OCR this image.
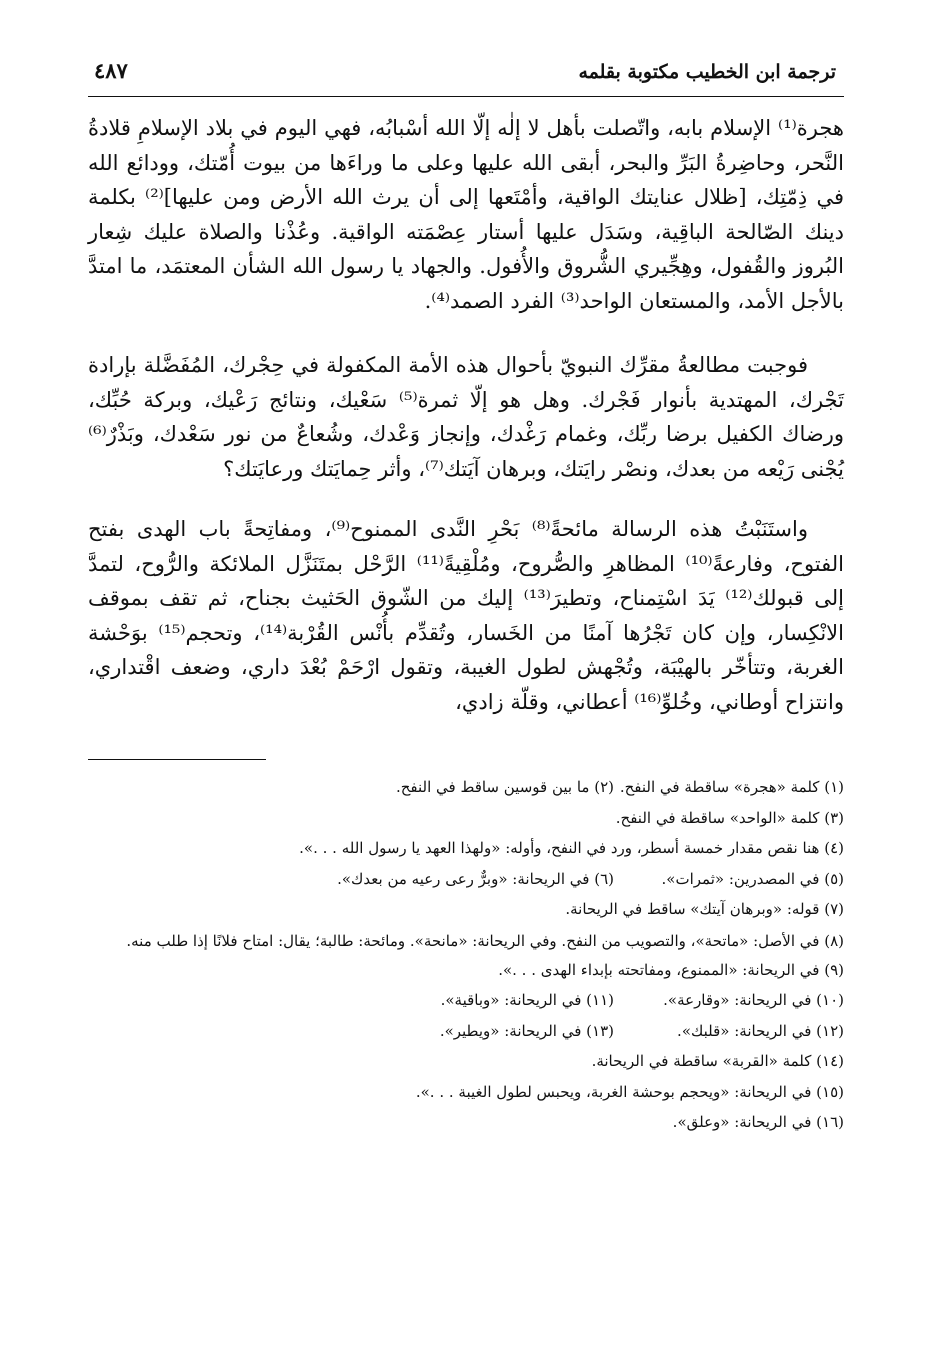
ترجمة ابن الخطيب مكتوبة بقلمه
٤٨٧

هجرة⁽¹⁾ الإسلام بابه، واتّصلت بأهل لا إلٰه إلّا الله أسْبابُه، فهي اليوم في بلاد الإسلامِ قلادةُ النَّحر، وحاضِرةُ البَرِّ والبحر، أبقى الله عليها وعلى ما وراءَها من بيوت أُمّتك، وودائع الله في ذِمّتِك، [ظلال عنايتك الواقية، وأمْتَعها إلى أن يرث الله الأرض ومن عليها]⁽²⁾ بكلمة دينك الصّالحة الباقِية، وسَدَل عليها أستار عِصْمَته الواقية. وعُذْنا والصلاة عليك شِعار البُروز والقُفول، وهِجِّيري الشُّروق والأُفول. والجهاد يا رسول الله الشأن المعتمَد، ما امتدَّ بالأجل الأمد، والمستعان الواحد⁽³⁾ الفرد الصمد⁽⁴⁾.

فوجبت مطالعةُ مقرِّك النبويّ بأحوال هذه الأمة المكفولة في حِجْرك، المُفَضَّلة بإرادة تَجْرك، المهتدية بأنوار فَجْرك. وهل هو إلّا ثمرة⁽⁵⁾ سَعْيك، ونتائج رَعْيك، وبركة حُبِّك، ورضاك الكفيل برضا ربِّك، وغمام رَغْدك، وإنجاز وَعْدك، وشُعاعٌ من نور سَعْدك، وبَذْرٌ⁽⁶⁾ يُجْنى رَيْعه من بعدك، ونصْر رايَتك، وبرهان آيَتك⁽⁷⁾، وأثر حِمايَتك ورعايَتك؟

واستَنَبْتُ هذه الرسالة مائحةً⁽⁸⁾ بَحْرِ النَّدى الممنوح⁽⁹⁾، ومفاتِحةً باب الهدى بفتح الفتوح، وفارعةً⁽¹⁰⁾ المظاهرِ والصُّروح، ومُلْقِيةً⁽¹¹⁾ الرَّحْل بمتَنَزَّل الملائكة والرُّوح، لتمدَّ إلى قبولك⁽¹²⁾ يَدَ اسْتِمناح، وتطيرَ⁽¹³⁾ إليك من الشّوق الحَثيث بجناح، ثم تقف بموقف الانْكِسار، وإن كان تَجْرُها آمنًا من الخَسار، وتُقدِّم بأُنْس القُرْبة⁽¹⁴⁾، وتحجم⁽¹⁵⁾ بوَحْشة الغربة، وتتأخّر بالهيْبَة، وتُجْهش لطول الغيبة، وتقول ارْحَمْ بُعْدَ داري، وضعف اقْتداري، وانتزاح أوطاني، وخُلوِّ⁽¹⁶⁾ أعطاني، وقلّة زادي،

(١) كلمة «هجرة» ساقطة في النفح.
(٢) ما بين قوسين ساقط في النفح.

(٣) كلمة «الواحد» ساقطة في النفح.

(٤) هنا نقص مقدار خمسة أسطر، ورد في النفح، وأوله: «ولهذا العهد يا رسول الله . . .».

(٥) في المصدرين: «ثمرات».
(٦) في الريحانة: «وبرٌّ رعى رعيه من بعدك».

(٧) قوله: «وبرهان آيتك» ساقط في الريحانة.

(٨) في الأصل: «ماتحة»، والتصويب من النفح. وفي الريحانة: «مانحة». ومائحة: طالبة؛ يقال: امتاح فلانًا إذا طلب منه.

(٩) في الريحانة: «الممنوع، ومفاتحته بإبداء الهدى . . .».

(١٠) في الريحانة: «وقارعة».
(١١) في الريحانة: «وباقية».
(١٢) في الريحانة: «قلبك».
(١٣) في الريحانة: «ويطير».

(١٤) كلمة «القربة» ساقطة في الريحانة.

(١٥) في الريحانة: «ويحجم بوحشة الغربة، ويحبس لطول الغيبة . . .».

(١٦) في الريحانة: «وعلق».
